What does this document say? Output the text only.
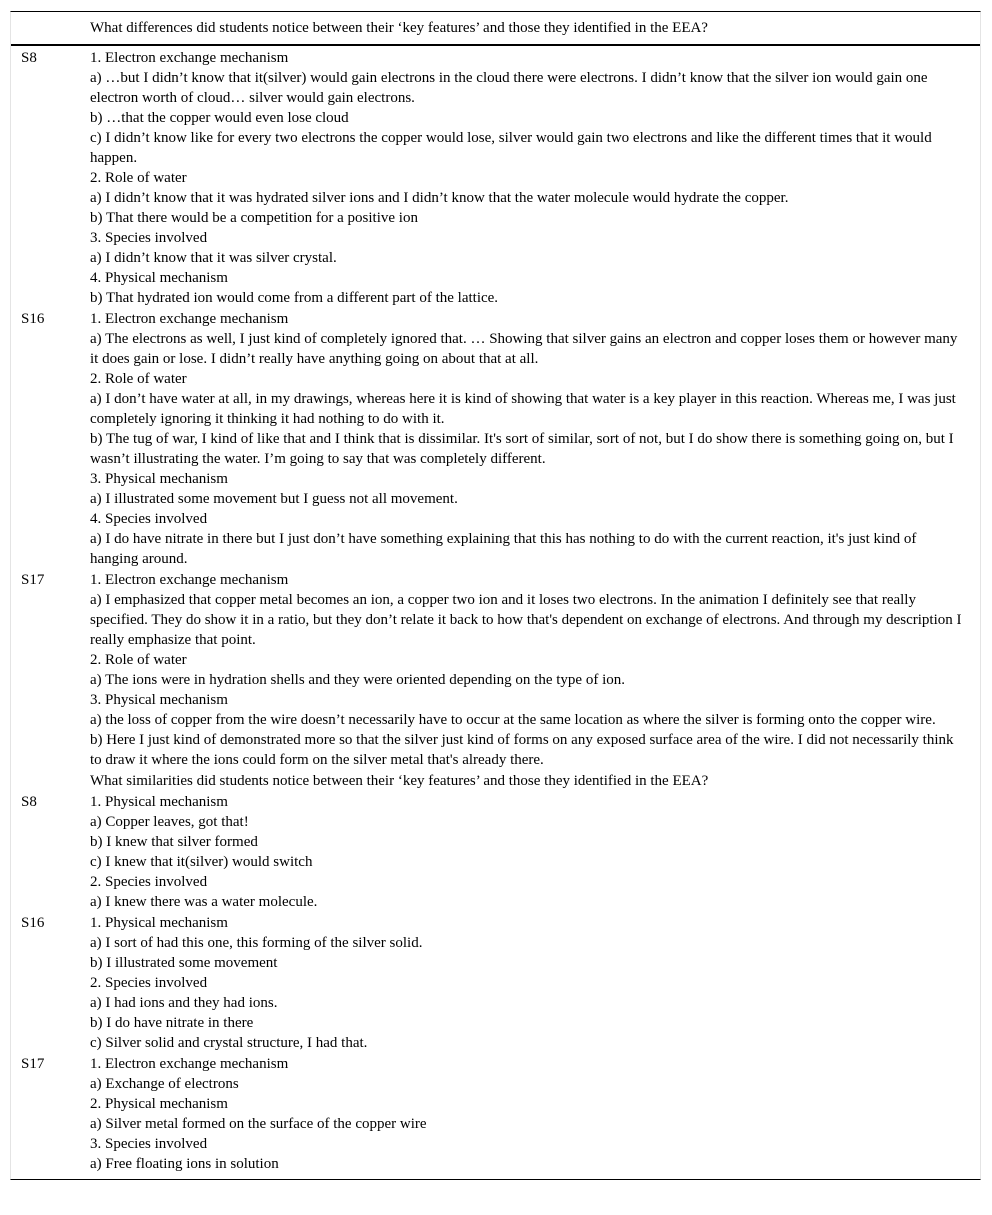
What differences did students notice between their ‘key features’ and those they identified in the EEA?
S8	1. Electron exchange mechanism
a) …but I didn’t know that it(silver) would gain electrons in the cloud there were electrons. I didn’t know that the silver ion would gain one electron worth of cloud… silver would gain electrons.
b) …that the copper would even lose cloud
c) I didn’t know like for every two electrons the copper would lose, silver would gain two electrons and like the different times that it would happen.
2. Role of water
a) I didn’t know that it was hydrated silver ions and I didn’t know that the water molecule would hydrate the copper.
b) That there would be a competition for a positive ion
3. Species involved
a) I didn’t know that it was silver crystal.
4. Physical mechanism
b) That hydrated ion would come from a different part of the lattice.
S16	1. Electron exchange mechanism
a) The electrons as well, I just kind of completely ignored that. … Showing that silver gains an electron and copper loses them or however many it does gain or lose. I didn’t really have anything going on about that at all.
2. Role of water
a) I don’t have water at all, in my drawings, whereas here it is kind of showing that water is a key player in this reaction. Whereas me, I was just completely ignoring it thinking it had nothing to do with it.
b) The tug of war, I kind of like that and I think that is dissimilar. It's sort of similar, sort of not, but I do show there is something going on, but I wasn’t illustrating the water. I’m going to say that was completely different.
3. Physical mechanism
a) I illustrated some movement but I guess not all movement.
4. Species involved
a) I do have nitrate in there but I just don’t have something explaining that this has nothing to do with the current reaction, it's just kind of hanging around.
S17	1. Electron exchange mechanism
a) I emphasized that copper metal becomes an ion, a copper two ion and it loses two electrons. In the animation I definitely see that really specified. They do show it in a ratio, but they don’t relate it back to how that's dependent on exchange of electrons. And through my description I really emphasize that point.
2. Role of water
a) The ions were in hydration shells and they were oriented depending on the type of ion.
3. Physical mechanism
a) the loss of copper from the wire doesn’t necessarily have to occur at the same location as where the silver is forming onto the copper wire.
b) Here I just kind of demonstrated more so that the silver just kind of forms on any exposed surface area of the wire. I did not necessarily think to draw it where the ions could form on the silver metal that's already there.
What similarities did students notice between their ‘key features’ and those they identified in the EEA?
S8	1. Physical mechanism
a) Copper leaves, got that!
b) I knew that silver formed
c) I knew that it(silver) would switch
2. Species involved
a) I knew there was a water molecule.
S16	1. Physical mechanism
a) I sort of had this one, this forming of the silver solid.
b) I illustrated some movement
2. Species involved
a) I had ions and they had ions.
b) I do have nitrate in there
c) Silver solid and crystal structure, I had that.
S17	1. Electron exchange mechanism
a) Exchange of electrons
2. Physical mechanism
a) Silver metal formed on the surface of the copper wire
3. Species involved
a) Free floating ions in solution
